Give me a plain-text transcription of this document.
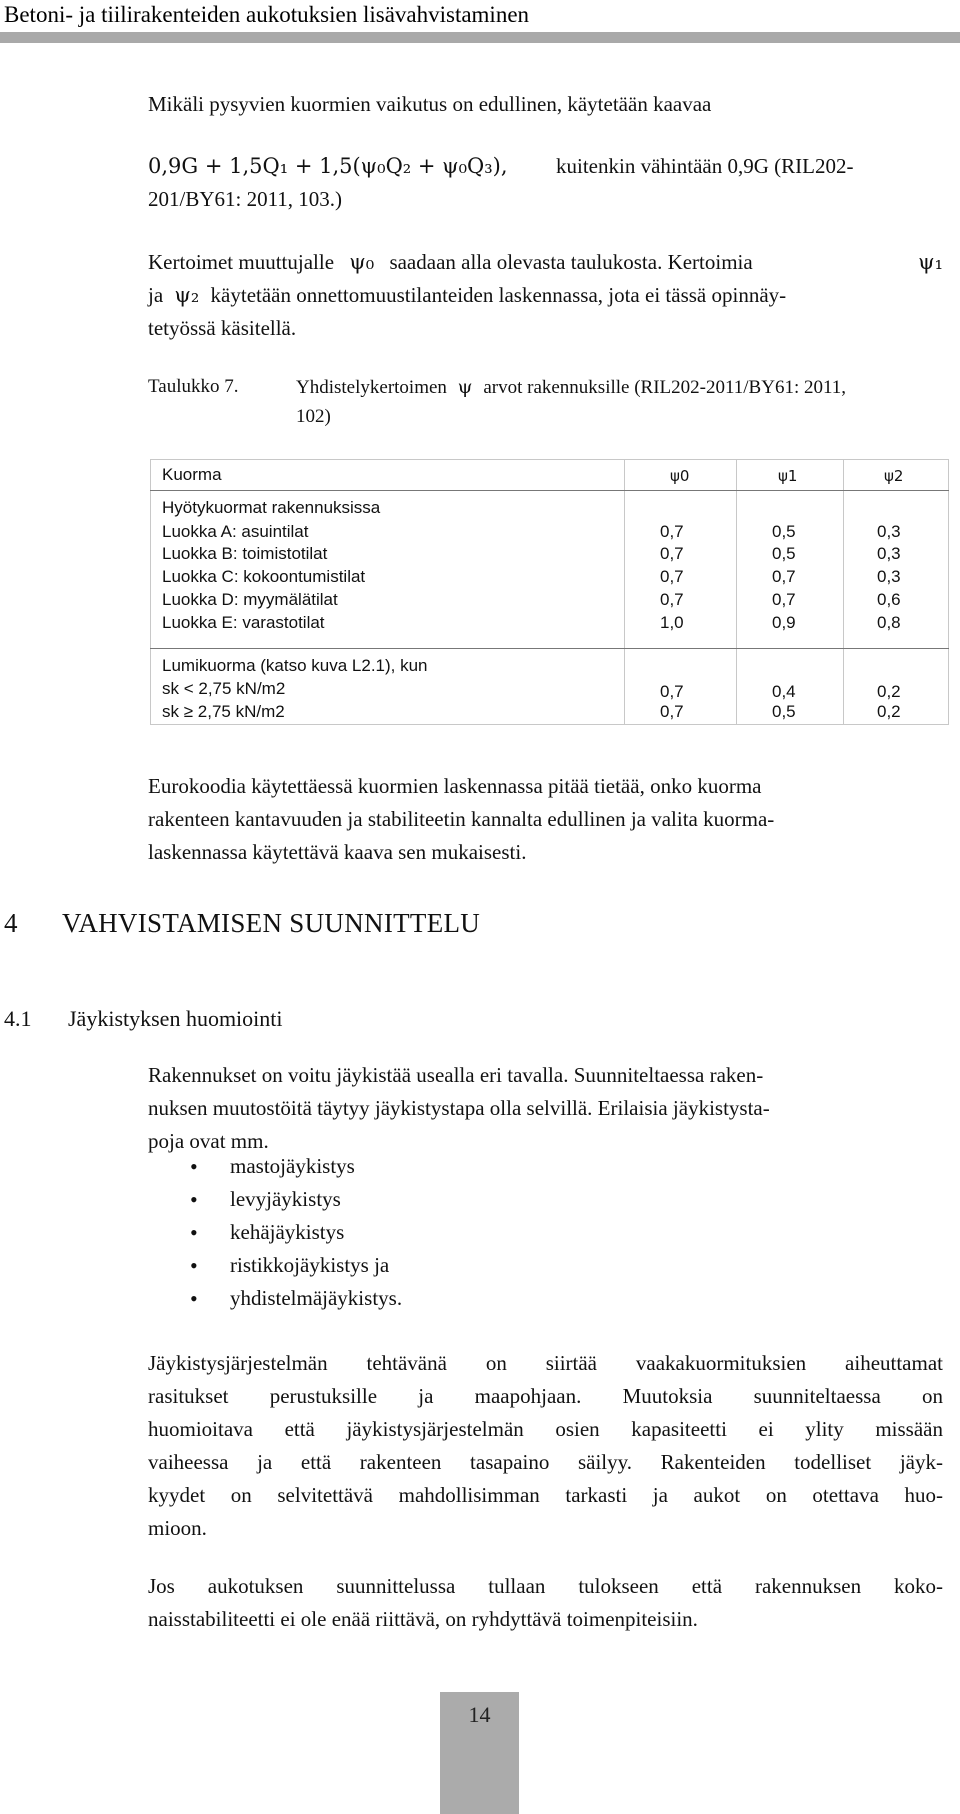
Betoni- ja tiilirakenteiden aukotuksien lisävahvistaminen
Mikäli pysyvien kuormien vaikutus on edullinen, käytetään kaavaa
0,9G + 1,5Q₁ + 1,5(ψ₀Q₂ + ψ₀Q₃), kuitenkin vähintään 0,9G (RIL202-
201/BY61: 2011, 103.)
Kertoimet muuttujalle ψ₀ saadaan alla olevasta taulukosta. Kertoimia	ψ₁
ja ψ₂ käytetään onnettomuustilanteiden laskennassa, jota ei tässä opinnäy-
tetyössä käsitellä.
Taulukko 7.	Yhdistelykertoimen ψ arvot rakennuksille (RIL202-2011/BY61: 2011,
102)
Kuorma	ψ0	ψ1	ψ2
Hyötykuormat rakennuksissa
Luokka A: asuintilat	0,7	0,5	0,3
Luokka B: toimistotilat	0,7	0,5	0,3
Luokka C: kokoontumistilat	0,7	0,7	0,3
Luokka D: myymälätilat	0,7	0,7	0,6
Luokka E: varastotilat	1,0	0,9	0,8
Lumikuorma (katso kuva L2.1), kun
sk < 2,75 kN/m2	0,7	0,4	0,2
sk ≥ 2,75 kN/m2	0,7	0,5	0,2
Eurokoodia käytettäessä kuormien laskennassa pitää tietää, onko kuorma
rakenteen kantavuuden ja stabiliteetin kannalta edullinen ja valita kuorma-
laskennassa käytettävä kaava sen mukaisesti.
4 VAHVISTAMISEN SUUNNITTELU
4.1 Jäykistyksen huomiointi
Rakennukset on voitu jäykistää usealla eri tavalla. Suunniteltaessa raken-
nuksen muutostöitä täytyy jäykistystapa olla selvillä. Erilaisia jäykistysta-
poja ovat mm.
• mastojäykistys
• levyjäykistys
• kehäjäykistys
• ristikkojäykistys ja
• yhdistelmäjäykistys.
Jäykistysjärjestelmän tehtävänä on siirtää vaakakuormituksien aiheuttamat
rasitukset perustuksille ja maapohjaan. Muutoksia suunniteltaessa on
huomioitava että jäykistysjärjestelmän osien kapasiteetti ei ylity missään
vaiheessa ja että rakenteen tasapaino säilyy. Rakenteiden todelliset jäyk-
kyydet on selvitettävä mahdollisimman tarkasti ja aukot on otettava huo-
mioon.
Jos aukotuksen suunnittelussa tullaan tulokseen että rakennuksen koko-
naisstabiliteetti ei ole enää riittävä, on ryhdyttävä toimenpiteisiin.
14
